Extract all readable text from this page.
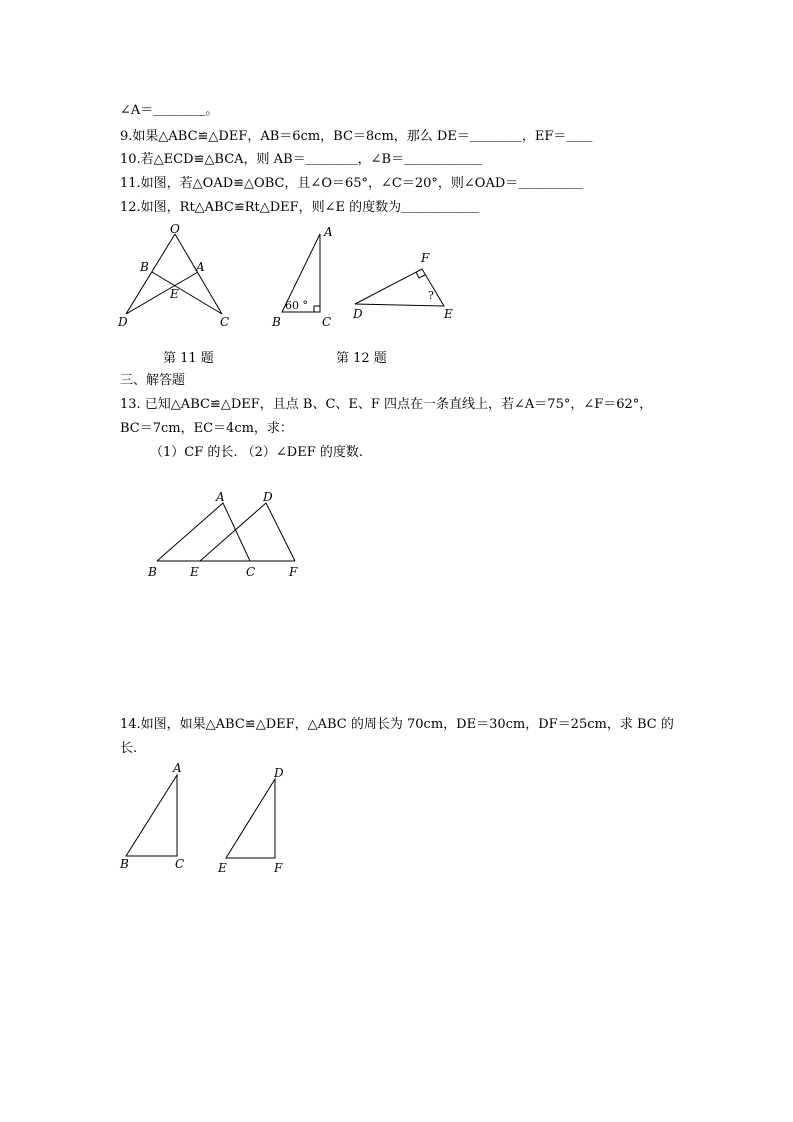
∠A＝＿＿＿＿。
9.如果△ABC≌△DEF，AB＝6cm，BC＝8cm，那么 DE＝＿＿＿＿，EF＝＿＿
10.若△ECD≌△BCA，则 AB＝＿＿＿＿，∠B＝＿＿＿＿＿＿
11.如图，若△OAD≌△OBC，且∠O＝65°，∠C＝20°，则∠OAD＝＿＿＿＿＿
12.如图，Rt△ABC≌Rt△DEF，则∠E 的度数为＿＿＿＿＿＿
O
B	A
E
D	C
A
B	C
60 °
F
D	E
?
第 11 题	第 12 题
三、解答题
13. 已知△ABC≌△DEF，且点 B、C、E、F 四点在一条直线上，若∠A＝75°，∠F＝62°，
BC＝7cm，EC＝4cm，求：
（1）CF 的长. （2）∠DEF 的度数.
A	D
B	E	C	F
14.如图，如果△ABC≌△DEF，△ABC 的周长为 70cm，DE＝30cm，DF＝25cm，求 BC 的
长.
A
B	C
D
E	F
